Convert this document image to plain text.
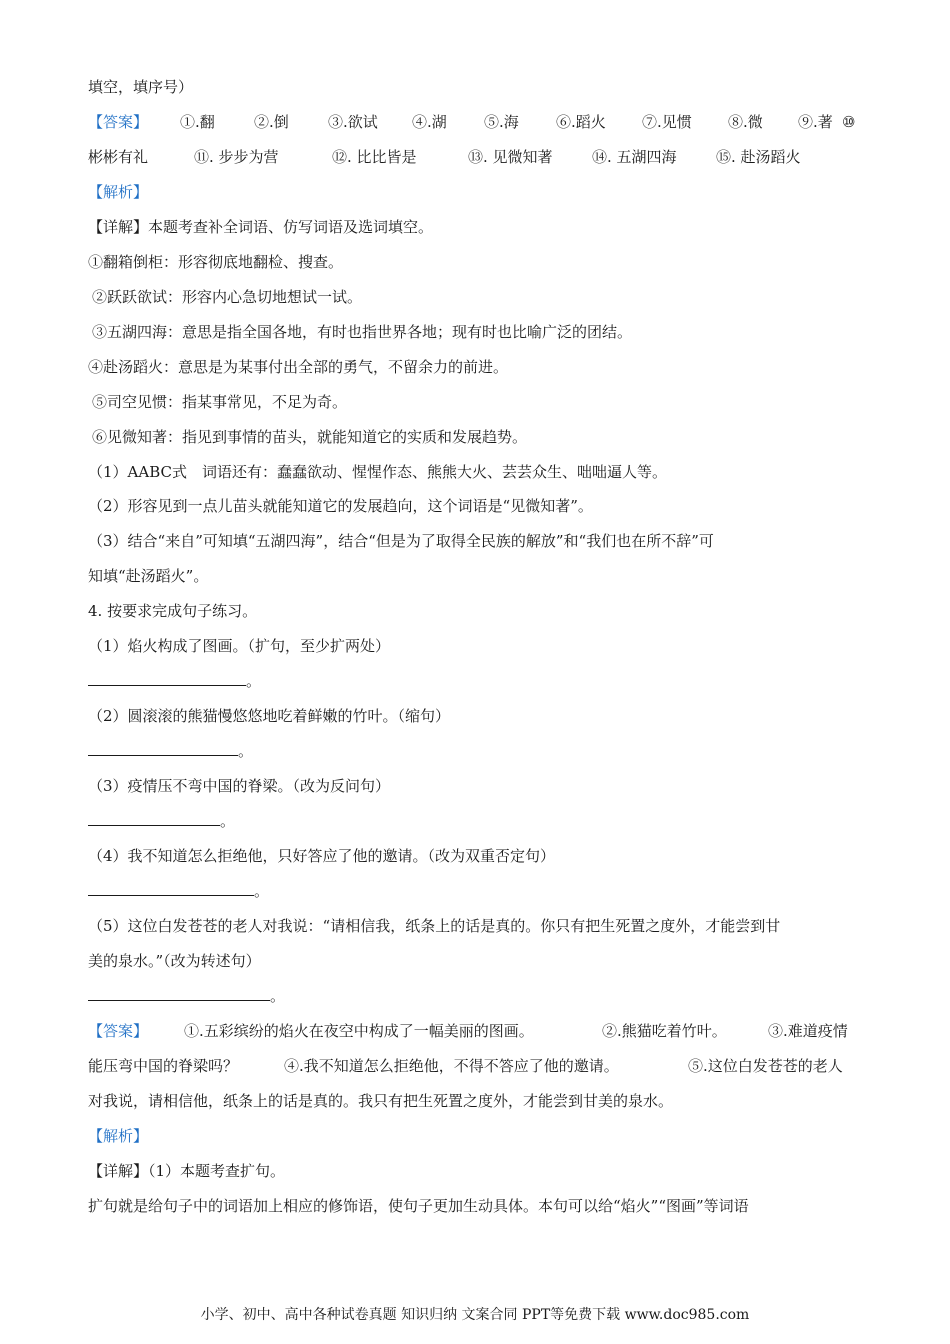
填空，填序号）
【答案】	①.翻	②.倒	③.欲试	④.湖	⑤.海	⑥.蹈火	⑦.见惯	⑧.微	⑨.著 ⑩
彬彬有礼	⑪. 步步为营	⑫. 比比皆是	⑬. 见微知著	⑭. 五湖四海	⑮. 赴汤蹈火
【解析】
【详解】本题考查补全词语、仿写词语及选词填空。
①翻箱倒柜：形容彻底地翻检、搜查。
②跃跃欲试：形容内心急切地想试一试。
③五湖四海：意思是指全国各地，有时也指世界各地；现有时也比喻广泛的团结。
④赴汤蹈火：意思是为某事付出全部的勇气，不留余力的前进。
⑤司空见惯：指某事常见，不足为奇。
⑥见微知著：指见到事情的苗头，就能知道它的实质和发展趋势。
（1）AABC式　词语还有：蠢蠢欲动、惺惺作态、熊熊大火、芸芸众生、咄咄逼人等。
（2）形容见到一点儿苗头就能知道它的发展趋向，这个词语是“见微知著”。
（3）结合“来自”可知填“五湖四海”，结合“但是为了取得全民族的解放”和“我们也在所不辞”可
知填“赴汤蹈火”。
4. 按要求完成句子练习。
（1）焰火构成了图画。（扩句，至少扩两处）
。
（2）圆滚滚的熊猫慢悠悠地吃着鲜嫩的竹叶。（缩句）
。
（3）疫情压不弯中国的脊梁。（改为反问句）
。
（4）我不知道怎么拒绝他，只好答应了他的邀请。（改为双重否定句）
。
（5）这位白发苍苍的老人对我说：“请相信我，纸条上的话是真的。你只有把生死置之度外，才能尝到甘
美的泉水。”（改为转述句）
。
【答案】	①.五彩缤纷的焰火在夜空中构成了一幅美丽的图画。	②.熊猫吃着竹叶。	③.难道疫情
能压弯中国的脊梁吗？	④.我不知道怎么拒绝他，不得不答应了他的邀请。	⑤.这位白发苍苍的老人
对我说，请相信他，纸条上的话是真的。我只有把生死置之度外，才能尝到甘美的泉水。
【解析】
【详解】（1）本题考查扩句。
扩句就是给句子中的词语加上相应的修饰语，使句子更加生动具体。本句可以给“焰火”“图画”等词语
小学、初中、高中各种试卷真题 知识归纳 文案合同 PPT等免费下载 www.doc985.com
